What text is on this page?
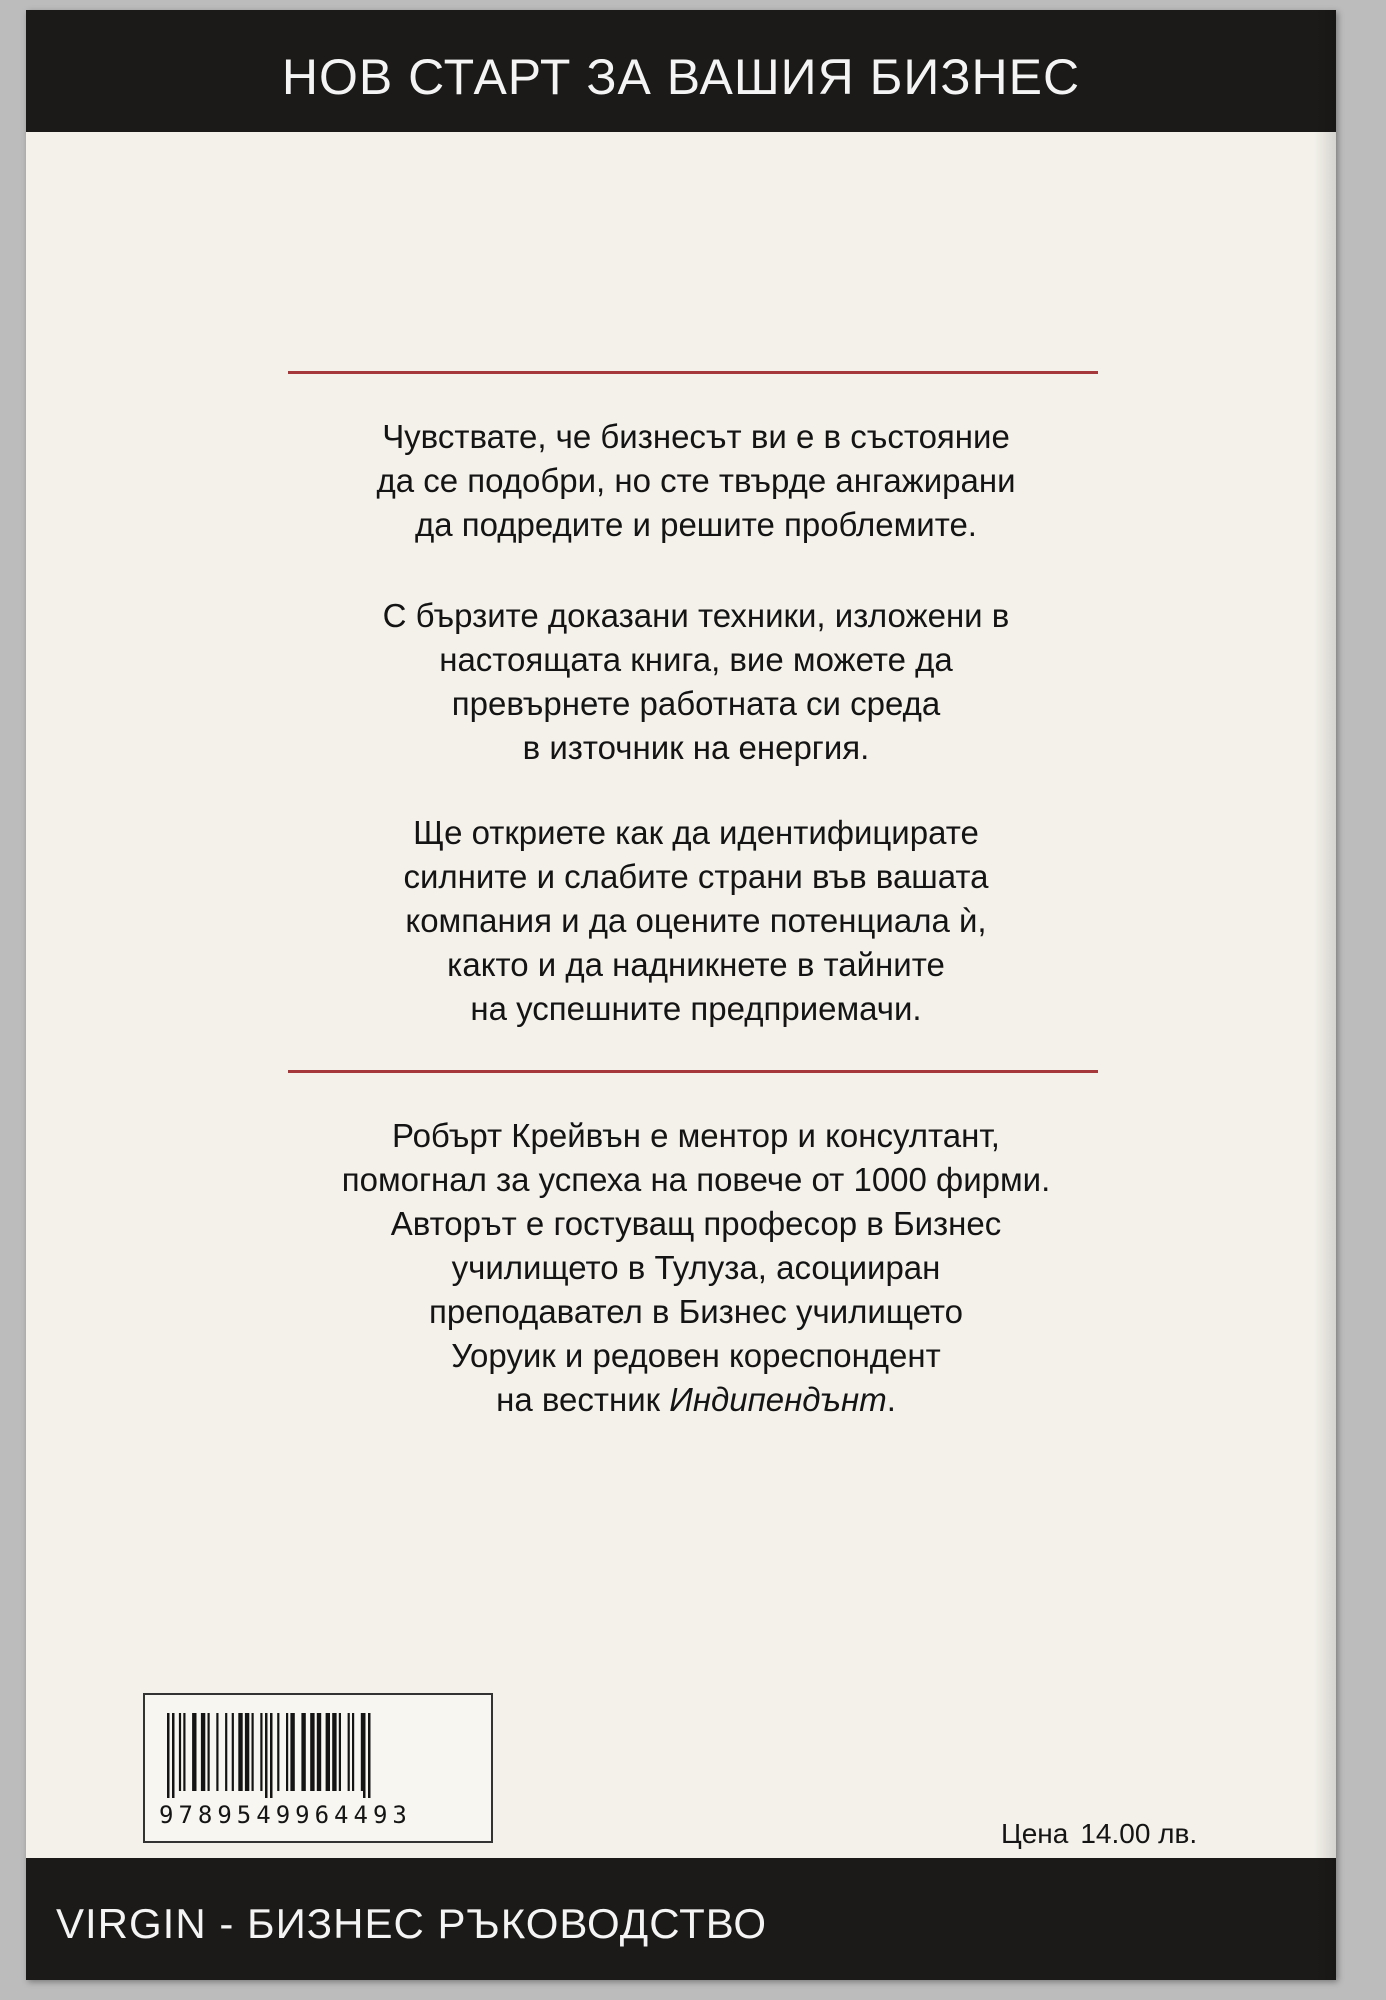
НОВ СТАРТ ЗА ВАШИЯ БИЗНЕС
Чувствате, че бизнесът ви е в състояние
да се подобри, но сте твърде ангажирани
да подредите и решите проблемите.
С бързите доказани техники, изложени в
настоящата книга, вие можете да
превърнете работната си среда
в източник на енергия.
Ще откриете как да идентифицирате
силните и слабите страни във вашата
компания и да оцените потенциала ѝ,
както и да надникнете в тайните
на успешните предприемачи.
Робърт Крейвън е ментор и консултант,
помогнал за успеха на повече от 1000 фирми.
Авторът е гостуващ професор в Бизнес
училището в Тулуза, асоцииран
преподавател в Бизнес училището
Уоруик и редовен кореспондент
на вестник Индипендънт.
9789549964493
Цена 14.00 лв.
VIRGIN - БИЗНЕС РЪКОВОДСТВО
